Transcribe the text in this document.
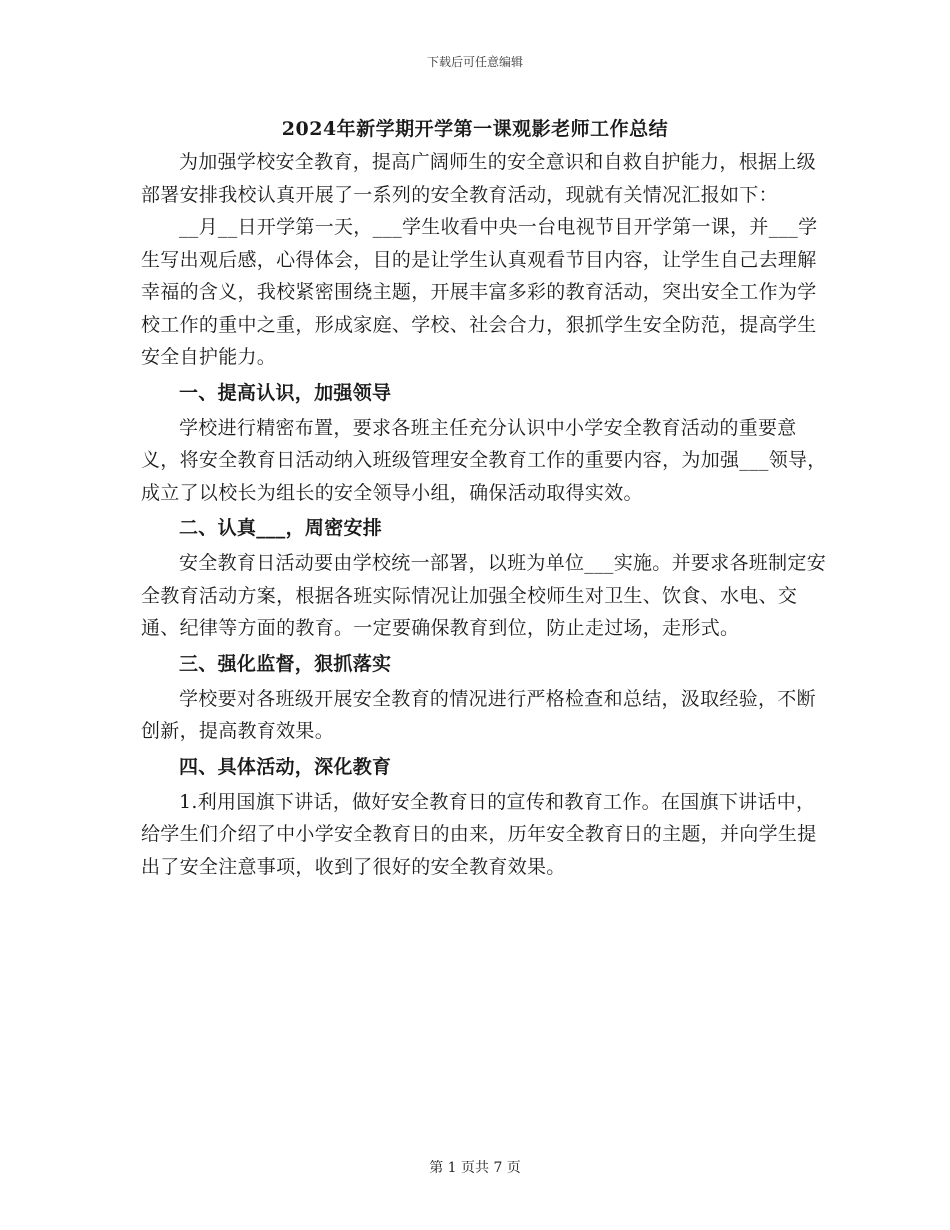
下载后可任意编辑
2024年新学期开学第一课观影老师工作总结

为加强学校安全教育，提高广阔师生的安全意识和自救自护能力，根据上级部署安排我校认真开展了一系列的安全教育活动，现就有关情况汇报如下：

__月__日开学第一天，___学生收看中央一台电视节目开学第一课，并___学生写出观后感，心得体会，目的是让学生认真观看节目内容，让学生自己去理解幸福的含义，我校紧密围绕主题，开展丰富多彩的教育活动，突出安全工作为学校工作的重中之重，形成家庭、学校、社会合力，狠抓学生安全防范，提高学生安全自护能力。

一、提高认识，加强领导

学校进行精密布置，要求各班主任充分认识中小学安全教育活动的重要意义，将安全教育日活动纳入班级管理安全教育工作的重要内容，为加强___领导，成立了以校长为组长的安全领导小组，确保活动取得实效。

二、认真___，周密安排

安全教育日活动要由学校统一部署，以班为单位___实施。并要求各班制定安全教育活动方案，根据各班实际情况让加强全校师生对卫生、饮食、水电、交通、纪律等方面的教育。一定要确保教育到位，防止走过场，走形式。

三、强化监督，狠抓落实

学校要对各班级开展安全教育的情况进行严格检查和总结，汲取经验，不断创新，提高教育效果。

四、具体活动，深化教育

1.利用国旗下讲话，做好安全教育日的宣传和教育工作。在国旗下讲话中，给学生们介绍了中小学安全教育日的由来，历年安全教育日的主题，并向学生提出了安全注意事项，收到了很好的安全教育效果。

第 1 页共 7 页
